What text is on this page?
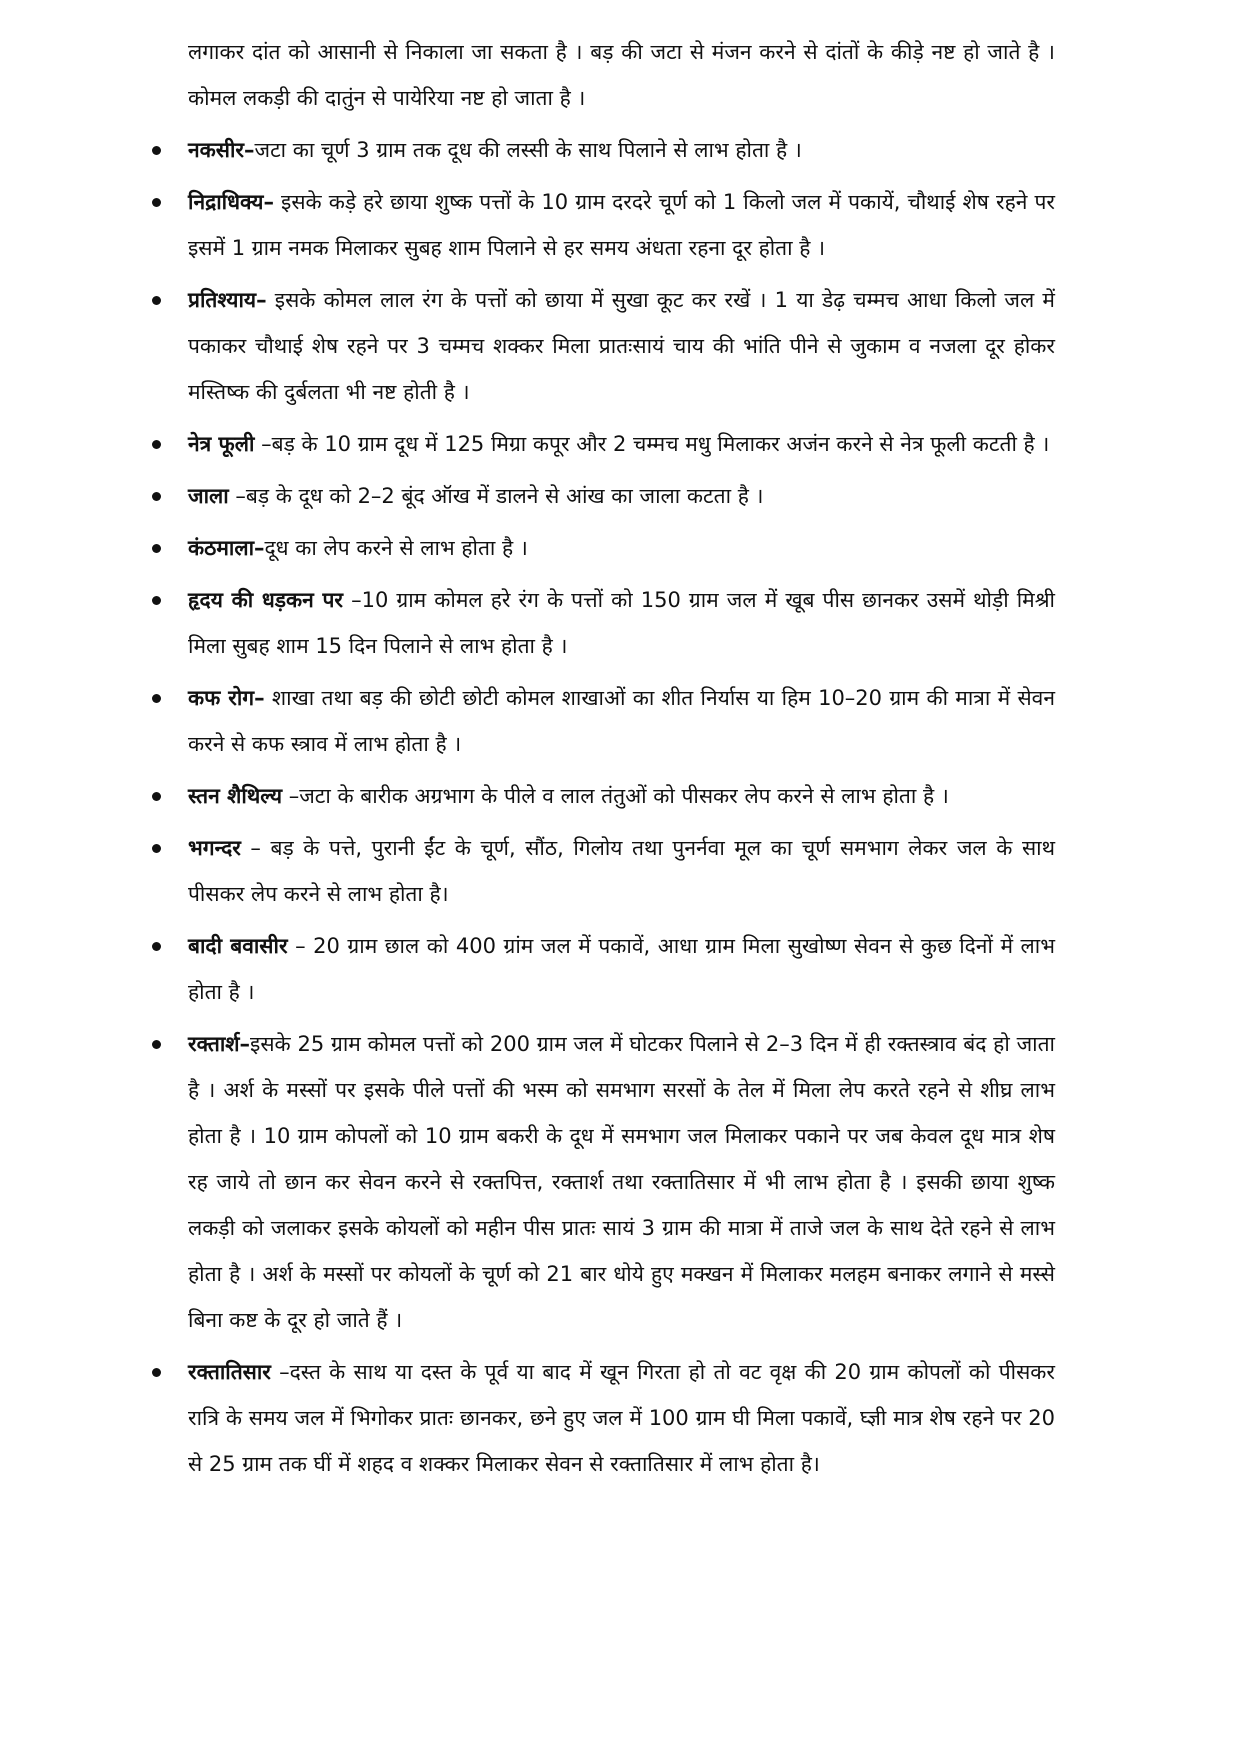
लगाकर दांत को आसानी से निकाला जा सकता है । बड़ की जटा से मंजन करने से दांतों के कीड़े नष्ट हो जाते है । कोमल लकड़ी की दातुंन से पायेरिया नष्ट हो जाता है ।

नकसीर–जटा का चूर्ण 3 ग्राम तक दूध की लस्सी के साथ पिलाने से लाभ होता है ।
निद्राधिक्य– इसके कड़े हरे छाया शुष्क पत्तों के 10 ग्राम दरदरे चूर्ण को 1 किलो जल में पकायें, चौथाई शेष रहने पर इसमें 1 ग्राम नमक मिलाकर सुबह शाम पिलाने से हर समय अंधता रहना दूर होता है ।
प्रतिश्याय– इसके कोमल लाल रंग के पत्तों को छाया में सुखा कूट कर रखें । 1 या डेढ़ चम्मच आधा किलो जल में पकाकर चौथाई शेष रहने पर 3 चम्मच शक्कर मिला प्रातःसायं चाय की भांति पीने से जुकाम व नजला दूर होकर मस्तिष्क की दुर्बलता भी नष्ट होती है ।
नेत्र फूली –बड़ के 10 ग्राम दूध में 125 मिग्रा कपूर और 2 चम्मच मधु मिलाकर अजंन करने से नेत्र फूली कटती है ।
जाला –बड़ के दूध को 2–2 बूंद ऑख में डालने से आंख का जाला कटता है ।
कंठमाला–दूध का लेप करने से लाभ होता है ।
हृदय की धड़कन पर –10 ग्राम कोमल हरे रंग के पत्तों को 150 ग्राम जल में खूब पीस छानकर उसमें थोड़ी मिश्री मिला सुबह शाम 15 दिन पिलाने से लाभ होता है ।
कफ रोग– शाखा तथा बड़ की छोटी छोटी कोमल शाखाओं का शीत निर्यास या हिम 10–20 ग्राम की मात्रा में सेवन करने से कफ स्त्राव में लाभ होता है ।
स्तन शैथिल्य –जटा के बारीक अग्रभाग के पीले व लाल तंतुओं को पीसकर लेप करने से लाभ होता है ।
भगन्दर – बड़ के पत्ते, पुरानी ईंट के चूर्ण, सौंठ, गिलोय तथा पुनर्नवा मूल का चूर्ण समभाग लेकर जल के साथ पीसकर लेप करने से लाभ होता है।
बादी बवासीर – 20 ग्राम छाल को 400 ग्रांम जल में पकावें, आधा ग्राम मिला सुखोष्ण सेवन से कुछ दिनों में लाभ होता है ।
रक्तार्श–इसके 25 ग्राम कोमल पत्तों को 200 ग्राम जल में घोटकर पिलाने से 2–3 दिन में ही रक्तस्त्राव बंद हो जाता है । अर्श के मस्सों पर इसके पीले पत्तों की भस्म को समभाग सरसों के तेल में मिला लेप करते रहने से शीघ्र लाभ होता है । 10 ग्राम कोपलों को 10 ग्राम बकरी के दूध में समभाग जल मिलाकर पकाने पर जब केवल दूध मात्र शेष रह जाये तो छान कर सेवन करने से रक्तपित्त, रक्तार्श तथा रक्तातिसार में भी लाभ होता है । इसकी छाया शुष्क लकड़ी को जलाकर इसके कोयलों को महीन पीस प्रातः सायं 3 ग्राम की मात्रा में ताजे जल के साथ देते रहने से लाभ होता है । अर्श के मस्सों पर कोयलों के चूर्ण को 21 बार धोये हुए मक्खन में मिलाकर मलहम बनाकर लगाने से मस्से बिना कष्ट के दूर हो जाते हैं ।
रक्तातिसार –दस्त के साथ या दस्त के पूर्व या बाद में खून गिरता हो तो वट वृक्ष की 20 ग्राम कोपलों को पीसकर रात्रि के समय जल में भिगोकर प्रातः छानकर, छने हुए जल में 100 ग्राम घी मिला पकावें, घ्ज्ञी मात्र शेष रहने पर 20 से 25 ग्राम तक घीं में शहद व शक्कर मिलाकर सेवन से रक्तातिसार में लाभ होता है।
